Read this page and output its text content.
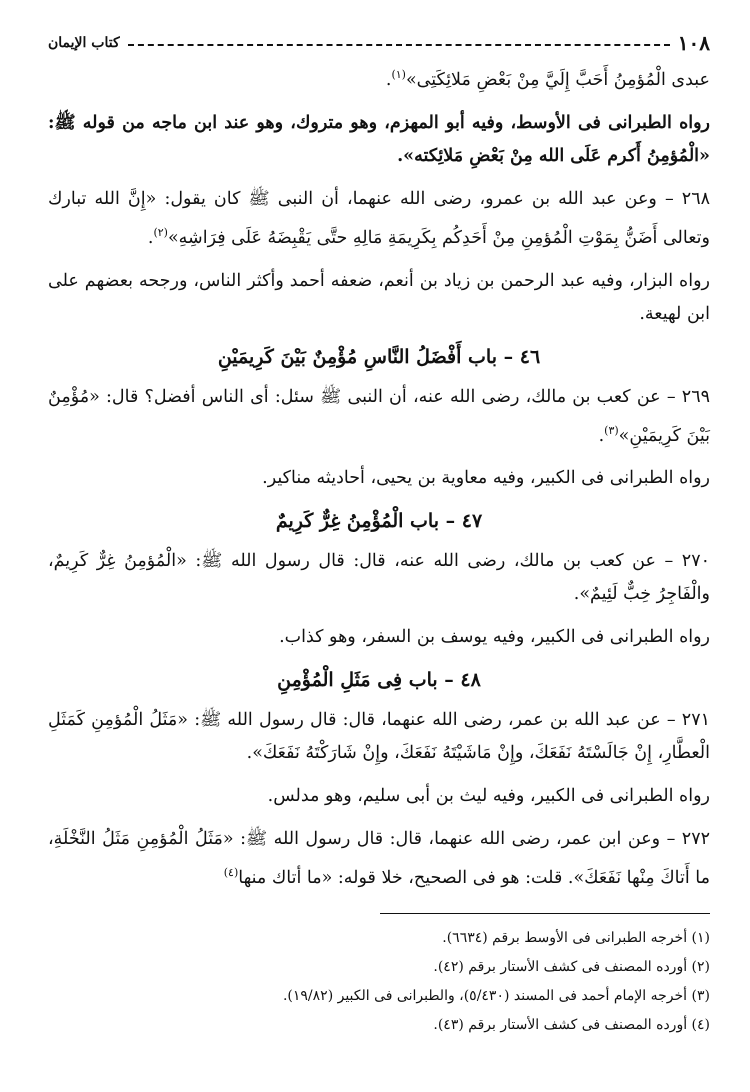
١٠٨
كتاب الإيمان

عبدى الْمُؤمِنُ أَحَبَّ إِلَيَّ مِنْ بَعْضِ مَلائِكَتِى»$^{(١)}$.

رواه الطبرانى فى الأوسط، وفيه أبو المهزم، وهو متروك، وهو عند ابن ماجه من قوله ﷺ: «الْمُؤمِنُ أَكرم عَلَى الله مِنْ بَعْضِ مَلائِكته».

٢٦٨ – وعن عبد الله بن عمرو، رضى الله عنهما، أن النبى ﷺ كان يقول: «إِنَّ الله تبارك وتعالى أَضَنُّ بِمَوْتِ الْمُؤمِنِ مِنْ أَحَدِكُم بِكَرِيمَةِ مَالِهِ حتَّى يَقْبِضَهُ عَلَى فِرَاشِهِ»$^{(٢)}$.

رواه البزار، وفيه عبد الرحمن بن زياد بن أنعم، ضعفه أحمد وأكثر الناس، ورجحه بعضهم على ابن لهيعة.

٤٦ – باب أَفْضَلُ النَّاسِ مُؤْمِنٌ بَيْنَ كَرِيمَيْنِ

٢٦٩ – عن كعب بن مالك، رضى الله عنه، أن النبى ﷺ سئل: أى الناس أفضل؟ قال: «مُؤْمِنٌ بَيْنَ كَرِيمَيْنِ»$^{(٣)}$.

رواه الطبرانى فى الكبير، وفيه معاوية بن يحيى، أحاديثه مناكير.

٤٧ – باب الْمُؤْمِنُ غِرٌّ كَرِيمٌ

٢٧٠ – عن كعب بن مالك، رضى الله عنه، قال: قال رسول الله ﷺ: «الْمُؤمِنُ غِرٌّ كَرِيمٌ، والْفَاجِرُ خِبٌّ لَئِيمٌ».

رواه الطبرانى فى الكبير، وفيه يوسف بن السفر، وهو كذاب.

٤٨ – باب فِى مَثَلِ الْمُؤْمِنِ

٢٧١ – عن عبد الله بن عمر، رضى الله عنهما، قال: قال رسول الله ﷺ: «مَثَلُ الْمُؤمِنِ كَمَثَلِ الْعطَّارِ، إِنْ جَالَسْتَهُ نَفَعَكَ، وإِنْ مَاشَيْتَهُ نَفَعَكَ، وإِنْ شَارَكْتَهُ نَفَعَكَ».

رواه الطبرانى فى الكبير، وفيه ليث بن أبى سليم، وهو مدلس.

٢٧٢ – وعن ابن عمر، رضى الله عنهما، قال: قال رسول الله ﷺ: «مَثَلُ الْمُؤمِنِ مَثَلُ النَّخْلَةِ، ما أَتاكَ مِنْها نَفَعَكَ». قلت: هو فى الصحيح، خلا قوله: «ما أتاك منها$^{(٤)}$

(١) أخرجه الطبرانى فى الأوسط برقم (٦٦٣٤).
(٢) أورده المصنف فى كشف الأستار برقم (٤٢).
(٣) أخرجه الإمام أحمد فى المسند (٥/٤٣٠)، والطبرانى فى الكبير (١٩/٨٢).
(٤) أورده المصنف فى كشف الأستار برقم (٤٣).
